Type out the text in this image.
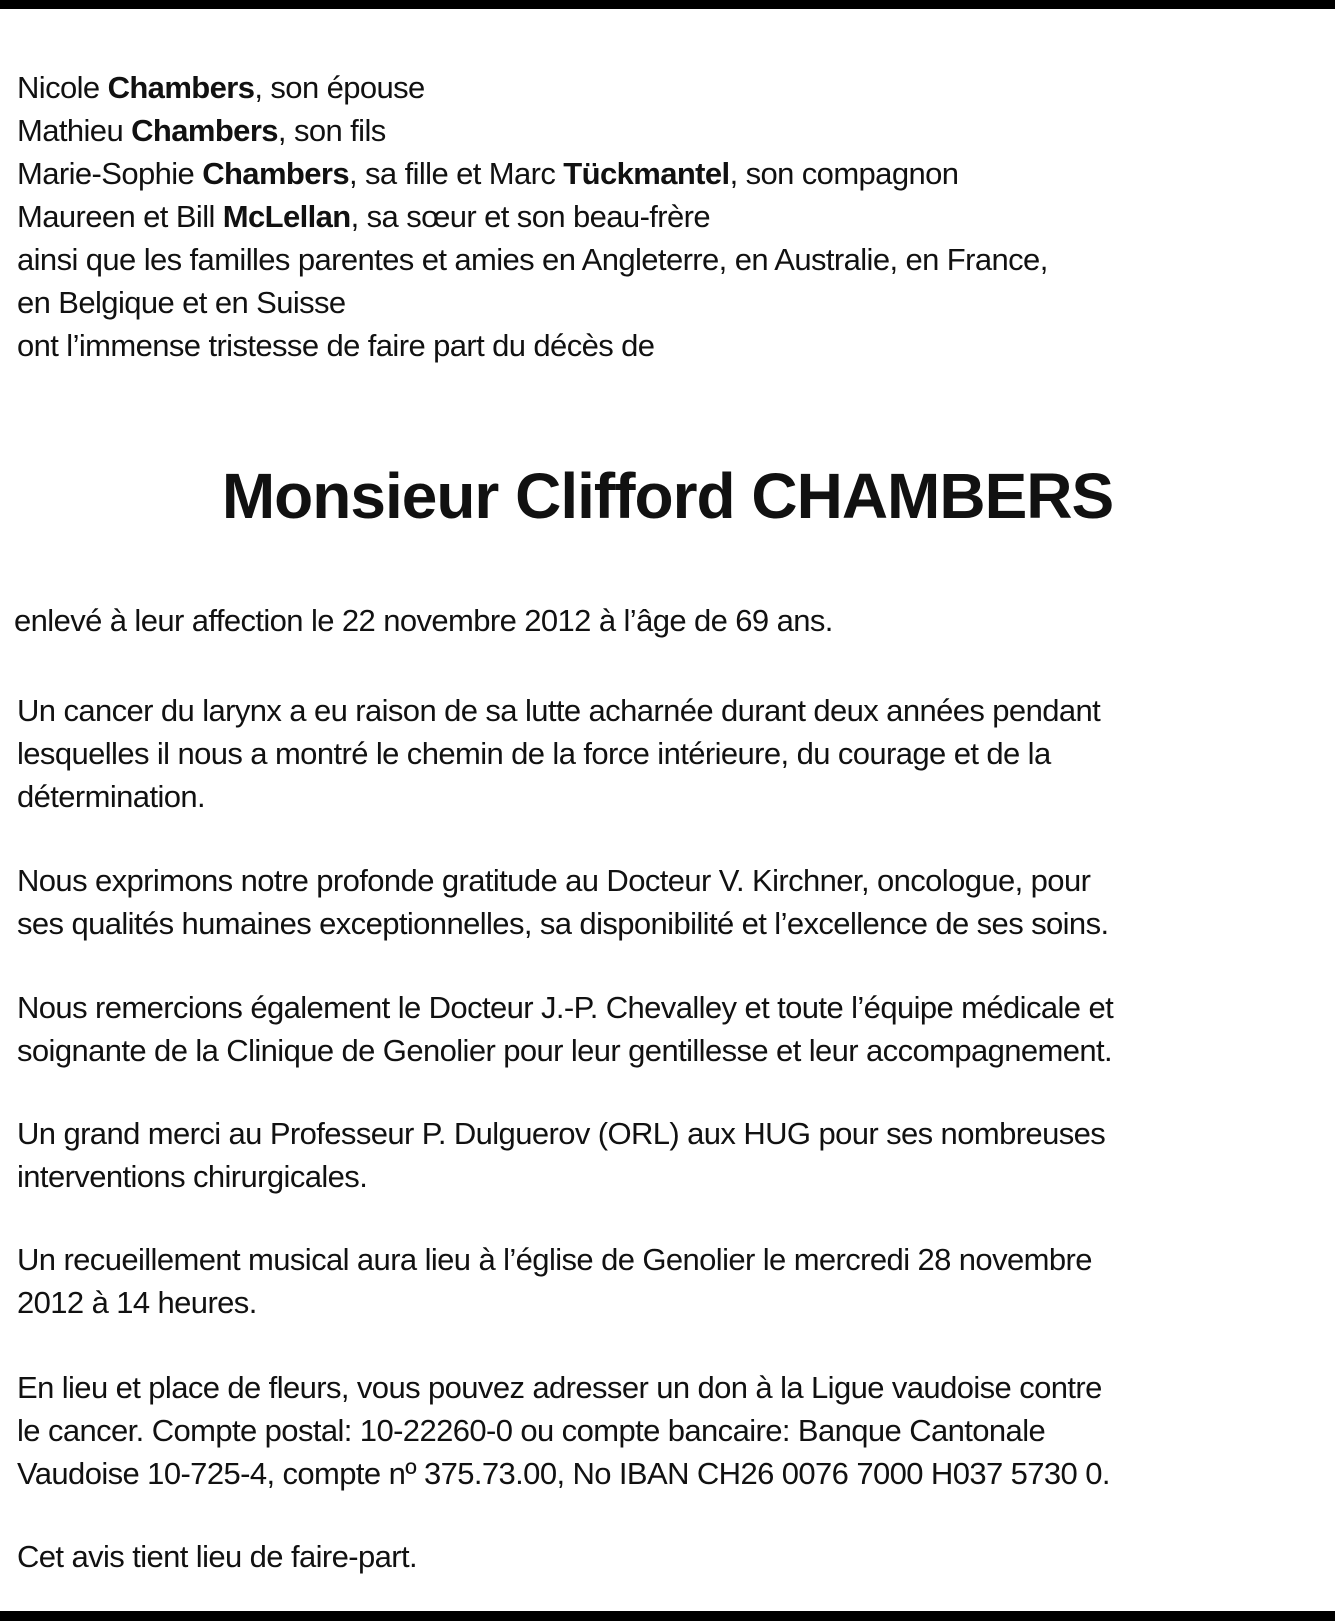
Nicole Chambers, son épouse
Mathieu Chambers, son fils
Marie-Sophie Chambers, sa fille et Marc Tückmantel, son compagnon
Maureen et Bill McLellan, sa sœur et son beau-frère
ainsi que les familles parentes et amies en Angleterre, en Australie, en France,
en Belgique et en Suisse
ont l’immense tristesse de faire part du décès de
Monsieur Clifford CHAMBERS
enlevé à leur affection le 22 novembre 2012 à l’âge de 69 ans.
Un cancer du larynx a eu raison de sa lutte acharnée durant deux années pendant
lesquelles il nous a montré le chemin de la force intérieure, du courage et de la
détermination.
Nous exprimons notre profonde gratitude au Docteur V. Kirchner, oncologue, pour
ses qualités humaines exceptionnelles, sa disponibilité et l’excellence de ses soins.
Nous remercions également le Docteur J.-P. Chevalley et toute l’équipe médicale et
soignante de la Clinique de Genolier pour leur gentillesse et leur accompagnement.
Un grand merci au Professeur P. Dulguerov (ORL) aux HUG pour ses nombreuses
interventions chirurgicales.
Un recueillement musical aura lieu à l’église de Genolier le mercredi 28 novembre
2012 à 14 heures.
En lieu et place de fleurs, vous pouvez adresser un don à la Ligue vaudoise contre
le cancer. Compte postal: 10-22260-0 ou compte bancaire: Banque Cantonale
Vaudoise 10-725-4, compte nº 375.73.00, No IBAN CH26 0076 7000 H037 5730 0.
Cet avis tient lieu de faire-part.
